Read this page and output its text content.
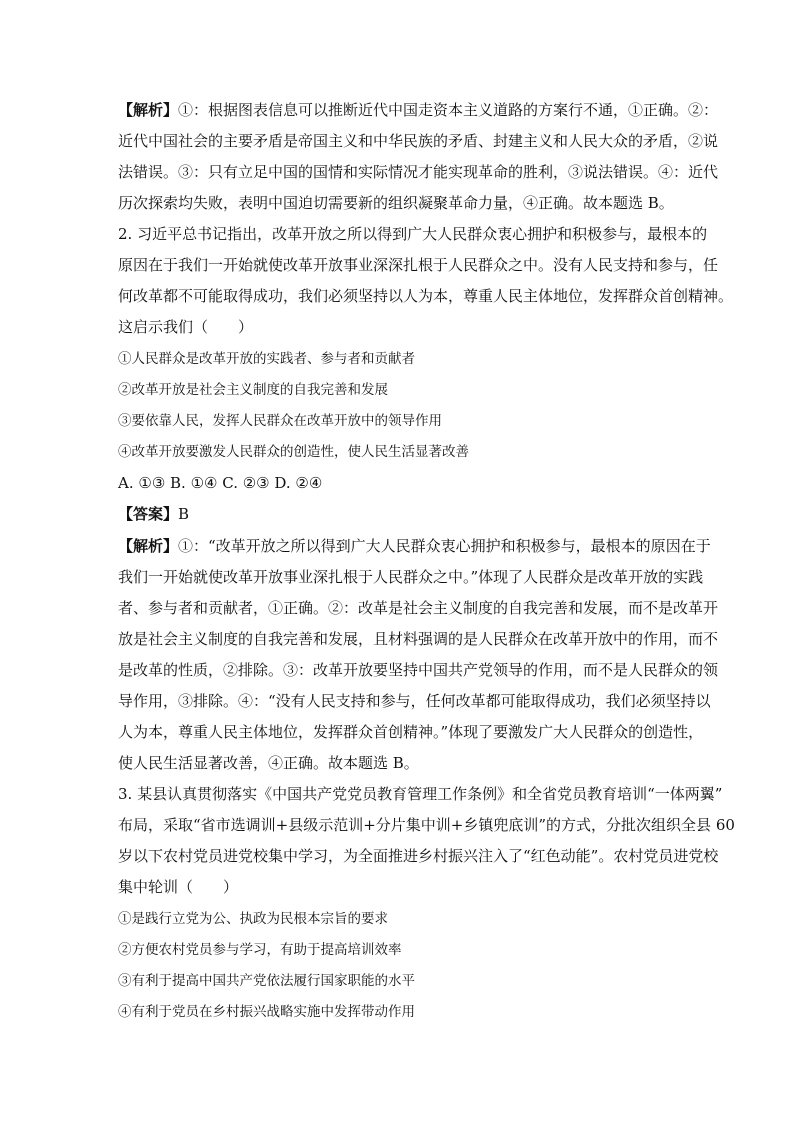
【解析】①：根据图表信息可以推断近代中国走资本主义道路的方案行不通，①正确。②：
近代中国社会的主要矛盾是帝国主义和中华民族的矛盾、封建主义和人民大众的矛盾，②说
法错误。③：只有立足中国的国情和实际情况才能实现革命的胜利，③说法错误。④：近代
历次探索均失败，表明中国迫切需要新的组织凝聚革命力量，④正确。故本题选 B。
2. 习近平总书记指出，改革开放之所以得到广大人民群众衷心拥护和积极参与，最根本的
原因在于我们一开始就使改革开放事业深深扎根于人民群众之中。没有人民支持和参与，任
何改革都不可能取得成功，我们必须坚持以人为本，尊重人民主体地位，发挥群众首创精神。
这启示我们（　　）
①人民群众是改革开放的实践者、参与者和贡献者
②改革开放是社会主义制度的自我完善和发展
③要依靠人民，发挥人民群众在改革开放中的领导作用
④改革开放要激发人民群众的创造性，使人民生活显著改善
A. ①③ B. ①④ C. ②③ D. ②④
【答案】B
【解析】①：“改革开放之所以得到广大人民群众衷心拥护和积极参与，最根本的原因在于
我们一开始就使改革开放事业深扎根于人民群众之中。”体现了人民群众是改革开放的实践
者、参与者和贡献者，①正确。②：改革是社会主义制度的自我完善和发展，而不是改革开
放是社会主义制度的自我完善和发展，且材料强调的是人民群众在改革开放中的作用，而不
是改革的性质，②排除。③：改革开放要坚持中国共产党领导的作用，而不是人民群众的领
导作用，③排除。④：“没有人民支持和参与，任何改革都可能取得成功，我们必须坚持以
人为本，尊重人民主体地位，发挥群众首创精神。”体现了要激发广大人民群众的创造性，
使人民生活显著改善，④正确。故本题选 B。
3. 某县认真贯彻落实《中国共产党党员教育管理工作条例》和全省党员教育培训“一体两翼”
布局，采取“省市选调训+县级示范训+分片集中训+乡镇兜底训”的方式，分批次组织全县 60
岁以下农村党员进党校集中学习，为全面推进乡村振兴注入了“红色动能”。农村党员进党校
集中轮训（　　）
①是践行立党为公、执政为民根本宗旨的要求
②方便农村党员参与学习，有助于提高培训效率
③有利于提高中国共产党依法履行国家职能的水平
④有利于党员在乡村振兴战略实施中发挥带动作用
